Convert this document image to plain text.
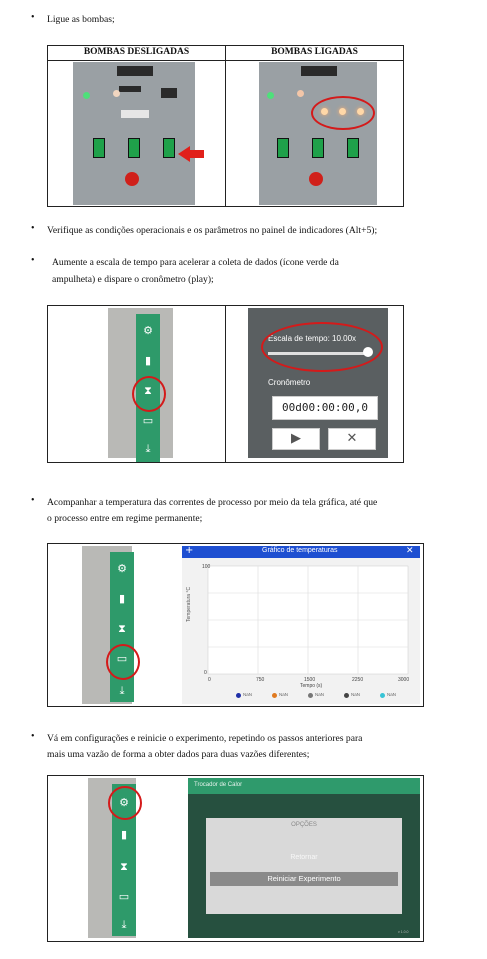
• Ligue as bombas;
BOMBAS DESLIGADAS	BOMBAS LIGADAS
• Verifique as condições operacionais e os parâmetros no painel de indicadores (Alt+5);
• Aumente a escala de tempo para acelerar a coleta de dados (ícone verde da
ampulheta) e dispare o cronômetro (play);
⚙
▮
⧗
▭
⤓
Escala de tempo: 10.00x
Cronômetro
00d00:00:00,0
▶	✕
• Acompanhar a temperatura das correntes de processo por meio da tela gráfica, até que
o processo entre em regime permanente;
⚙
▮
⧗
▭
⤓
+	Gráfico de temperaturas	✕
100
0
Temperatura °C
0	750	1500	2250	3000
Tempo (s)
NaN	NaN	NaN	NaN	NaN
• Vá em configurações e reinicie o experimento, repetindo os passos anteriores para
mais uma vazão de forma a obter dados para duas vazões diferentes;
⚙
▮
⧗
▭
⤓
Trocador de Calor
OPÇÕES
Retornar
Reiniciar Experimento
v 1.0.0
